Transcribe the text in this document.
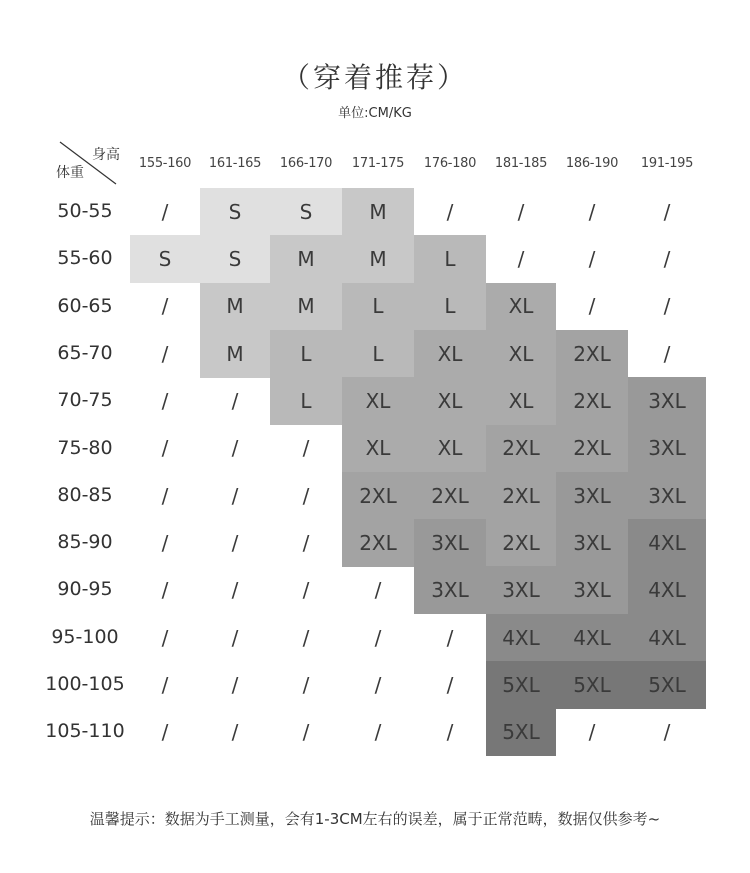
（穿着推荐）
单位:CM/KG
身高
体重
155-160	161-165	166-170	171-175	176-180	181-185	186-190	191-195
50-55	/	S	S	M	/	/	/	/
55-60	S	S	M	M	L	/	/	/
60-65	/	M	M	L	L	XL	/	/
65-70	/	M	L	L	XL	XL	2XL	/
70-75	/	/	L	XL	XL	XL	2XL	3XL
75-80	/	/	/	XL	XL	2XL	2XL	3XL
80-85	/	/	/	2XL	2XL	2XL	3XL	3XL
85-90	/	/	/	2XL	3XL	2XL	3XL	4XL
90-95	/	/	/	/	3XL	3XL	3XL	4XL
95-100	/	/	/	/	/	4XL	4XL	4XL
100-105	/	/	/	/	/	5XL	5XL	5XL
105-110	/	/	/	/	/	5XL	/	/
温馨提示：数据为手工测量，会有1-3CM左右的误差，属于正常范畴，数据仅供参考~
